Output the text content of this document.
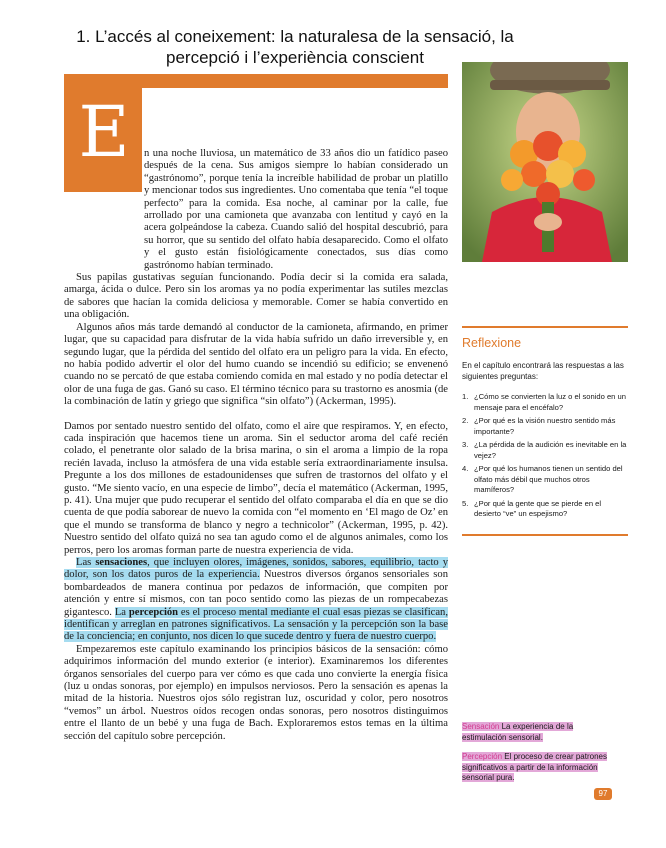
1. L’accés al coneixement: la naturalesa de la sensació, la percepció i l’experiència conscient
E	n una noche lluviosa, un matemático de 33 años dio un fatídico paseo después de la cena. Sus amigos siempre lo habían considerado un “gastrónomo”, porque tenía la increíble habilidad de probar un platillo y mencionar todos sus ingredientes. Uno comentaba que tenía “el toque perfecto” para la comida. Esa noche, al caminar por la calle, fue arrollado por una camioneta que avanzaba con lentitud y cayó en la acera golpeándose la cabeza. Cuando salió del hospital descubrió, para su horror, que su sentido del olfato había desaparecido. Como el olfato y el gusto están fisiológicamente conectados, sus días como gastrónomo habían terminado.

Sus papilas gustativas seguían funcionando. Podía decir si la comida era salada, amarga, ácida o dulce. Pero sin los aromas ya no podía experimentar las sutiles mezclas de sabores que hacían la comida deliciosa y memorable. Comer se había convertido en una obligación.

Algunos años más tarde demandó al conductor de la camioneta, afirmando, en primer lugar, que su capacidad para disfrutar de la vida había sufrido un daño irreversible y, en segundo lugar, que la pérdida del sentido del olfato era un peligro para la vida. En efecto, no había podido advertir el olor del humo cuando se incendió su edificio; se envenenó cuando no se percató de que estaba comiendo comida en mal estado y no podía detectar el olor de una fuga de gas. Ganó su caso. El término técnico para su trastorno es anosmia (de la combinación de latín y griego que significa “sin olfato”) (Ackerman, 1995).

Damos por sentado nuestro sentido del olfato, como el aire que respiramos. Y, en efecto, cada inspiración que hacemos tiene un aroma. Sin el seductor aroma del café recién colado, el penetrante olor salado de la brisa marina, o sin el aroma a limpio de la ropa recién lavada, incluso la atmósfera de una vida estable sería extraordinariamente insulsa. Pregunte a los dos millones de estadounidenses que sufren de trastornos del olfato y el gusto. “Me siento vacío, en una especie de limbo”, decía el matemático (Ackerman, 1995, p. 41). Una mujer que pudo recuperar el sentido del olfato comparaba el día en que se dio cuenta de que podía saborear de nuevo la comida con “el momento en ‘El mago de Oz’ en que el mundo se transforma de blanco y negro a technicolor” (Ackerman, 1995, p. 42). Nuestro sentido del olfato quizá no sea tan agudo como el de algunos animales, como los perros, pero los aromas forman parte de nuestra experiencia de vida.

Las sensaciones, que incluyen olores, imágenes, sonidos, sabores, equilibrio, tacto y dolor, son los datos puros de la experiencia. Nuestros diversos órganos sensoriales son bombardeados de manera continua por pedazos de información, que compiten por atención y entre sí mismos, con tan poco sentido como las piezas de un rompecabezas gigantesco. La percepción es el proceso mental mediante el cual esas piezas se clasifican, identifican y arreglan en patrones significativos. La sensación y la percepción son la base de la conciencia; en conjunto, nos dicen lo que sucede dentro y fuera de nuestro cuerpo.

Empezaremos este capítulo examinando los principios básicos de la sensación: cómo adquirimos información del mundo exterior (e interior). Examinaremos los diferentes órganos sensoriales del cuerpo para ver cómo es que cada uno convierte la energía física (luz u ondas sonoras, por ejemplo) en impulsos nerviosos. Pero la sensación es apenas la mitad de la historia. Nuestros ojos sólo registran luz, oscuridad y color, pero nosotros “vemos” un árbol. Nuestros oídos recogen ondas sonoras, pero nosotros distinguimos entre el llanto de un bebé y una fuga de Bach. Exploraremos estos temas en la última sección del capítulo sobre percepción.

Reflexione

En el capítulo encontrará las respuestas a las siguientes preguntas:

1. ¿Cómo se convierten la luz o el sonido en un mensaje para el encéfalo?
2. ¿Por qué es la visión nuestro sentido más importante?
3. ¿La pérdida de la audición es inevitable en la vejez?
4. ¿Por qué los humanos tienen un sentido del olfato más débil que muchos otros mamíferos?
5. ¿Por qué la gente que se pierde en el desierto “ve” un espejismo?
Sensación La experiencia de la estimulación sensorial.
Percepción El proceso de crear patrones significativos a partir de la información sensorial pura.
97
